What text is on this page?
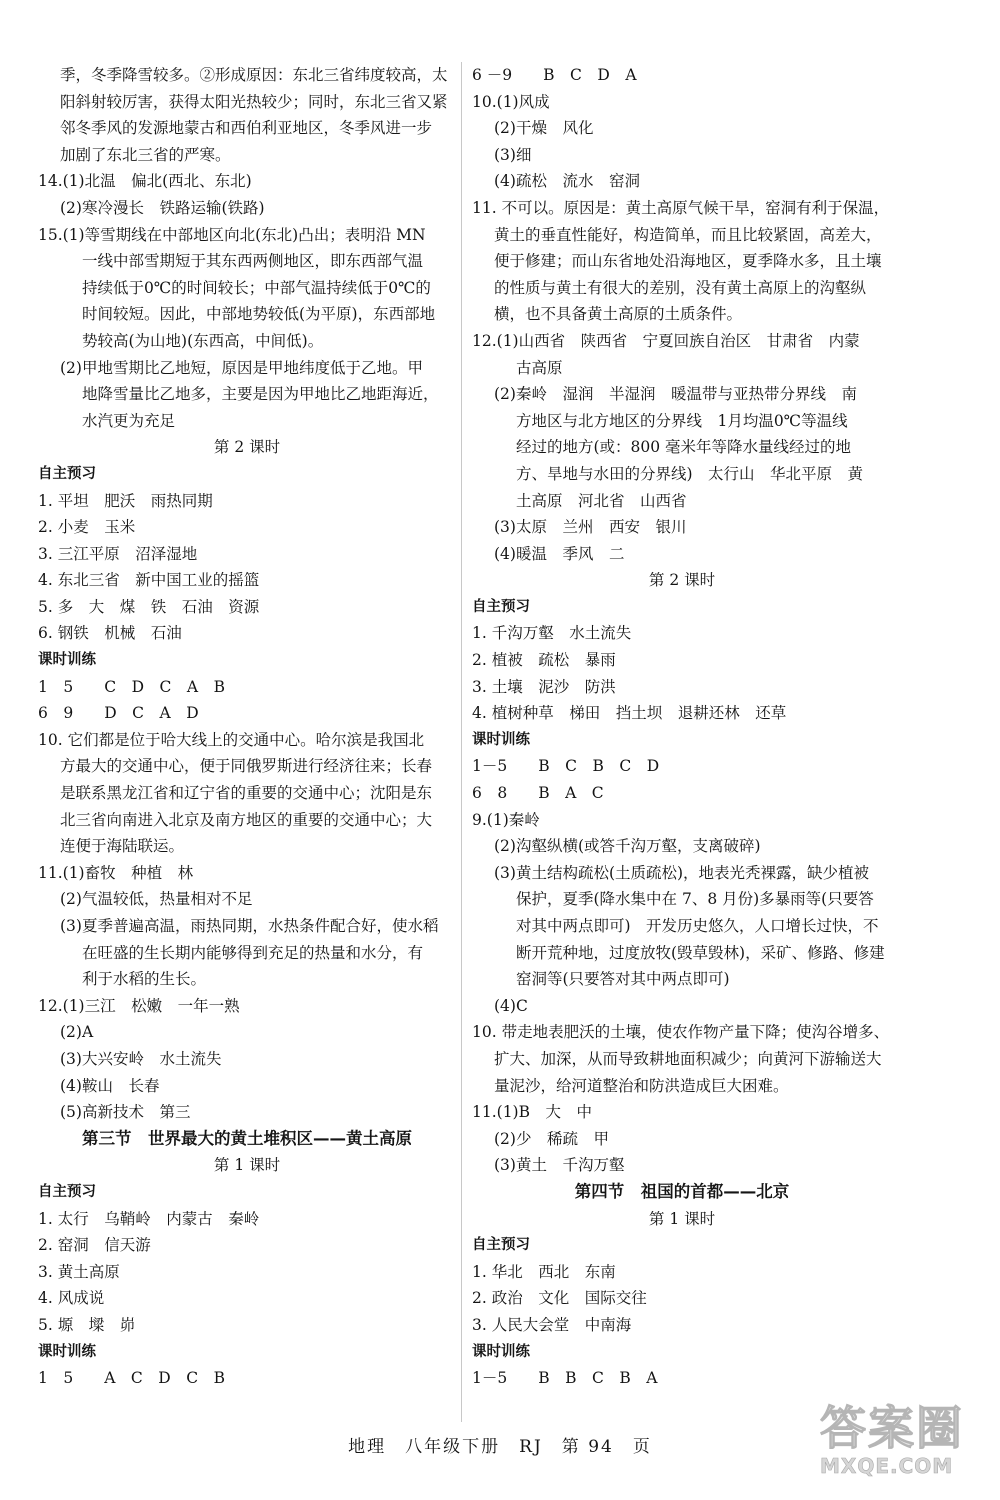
季，冬季降雪较多。②形成原因：东北三省纬度较高，太
阳斜射较厉害，获得太阳光热较少；同时，东北三省又紧
邻冬季风的发源地蒙古和西伯利亚地区，冬季风进一步
加剧了东北三省的严寒。
14.(1)北温　偏北(西北、东北)
(2)寒冷漫长　铁路运输(铁路)
15.(1)等雪期线在中部地区向北(东北)凸出；表明沿 MN
一线中部雪期短于其东西两侧地区，即东西部气温
持续低于0℃的时间较长；中部气温持续低于0℃的
时间较短。因此，中部地势较低(为平原)，东西部地
势较高(为山地)(东西高，中间低)。
(2)甲地雪期比乙地短，原因是甲地纬度低于乙地。甲
地降雪量比乙地多，主要是因为甲地比乙地距海近，
水汽更为充足
第 2 课时
自主预习
1. 平坦　肥沃　雨热同期
2. 小麦　玉米
3. 三江平原　沼泽湿地
4. 东北三省　新中国工业的摇篮
5. 多　大　煤　铁　石油　资源
6. 钢铁　机械　石油
课时训练
1　5　　C　D　C　A　B
6　9　　D　C　A　D
10. 它们都是位于哈大线上的交通中心。哈尔滨是我国北
方最大的交通中心，便于同俄罗斯进行经济往来；长春
是联系黑龙江省和辽宁省的重要的交通中心；沈阳是东
北三省向南进入北京及南方地区的重要的交通中心；大
连便于海陆联运。
11.(1)畜牧　种植　林
(2)气温较低，热量相对不足
(3)夏季普遍高温，雨热同期，水热条件配合好，使水稻
在旺盛的生长期内能够得到充足的热量和水分，有
利于水稻的生长。
12.(1)三江　松嫩　一年一熟
(2)A
(3)大兴安岭　水土流失
(4)鞍山　长春
(5)高新技术　第三
第三节　世界最大的黄土堆积区——黄土高原
第 1 课时
自主预习
1. 太行　乌鞘岭　内蒙古　秦岭
2. 窑洞　信天游
3. 黄土高原
4. 风成说
5. 塬　墚　峁
课时训练
1　5　　A　C　D　C　B
6 －9　　B　C　D　A
10.(1)风成
(2)干燥　风化
(3)细
(4)疏松　流水　窑洞
11. 不可以。原因是：黄土高原气候干旱，窑洞有利于保温，
黄土的垂直性能好，构造简单，而且比较紧固，高差大，
便于修建；而山东省地处沿海地区，夏季降水多，且土壤
的性质与黄土有很大的差别，没有黄土高原上的沟壑纵
横，也不具备黄土高原的土质条件。
12.(1)山西省　陕西省　宁夏回族自治区　甘肃省　内蒙
古高原
(2)秦岭　湿润　半湿润　暖温带与亚热带分界线　南
方地区与北方地区的分界线　1月均温0℃等温线
经过的地方(或：800 毫米年等降水量线经过的地
方、旱地与水田的分界线)　太行山　华北平原　黄
土高原　河北省　山西省
(3)太原　兰州　西安　银川
(4)暖温　季风　二
第 2 课时
自主预习
1. 千沟万壑　水土流失
2. 植被　疏松　暴雨
3. 土壤　泥沙　防洪
4. 植树种草　梯田　挡土坝　退耕还林　还草
课时训练
1－5　　B　C　B　C　D
6　8　　B　A　C
9.(1)秦岭
(2)沟壑纵横(或答千沟万壑，支离破碎)
(3)黄土结构疏松(土质疏松)，地表光秃裸露，缺少植被
保护，夏季(降水集中在 7、8 月份)多暴雨等(只要答
对其中两点即可)　开发历史悠久，人口增长过快，不
断开荒种地，过度放牧(毁草毁林)，采矿、修路、修建
窑洞等(只要答对其中两点即可)
(4)C
10. 带走地表肥沃的土壤，使农作物产量下降；使沟谷增多、
扩大、加深，从而导致耕地面积减少；向黄河下游输送大
量泥沙，给河道整治和防洪造成巨大困难。
11.(1)B　大　中
(2)少　稀疏　甲
(3)黄土　千沟万壑
第四节　祖国的首都——北京
第 1 课时
自主预习
1. 华北　西北　东南
2. 政治　文化　国际交往
3. 人民大会堂　中南海
课时训练
1－5　　B　B　C　B　A
地理　八年级下册　RJ　第 94　页	答案圈
MXQE.COM
